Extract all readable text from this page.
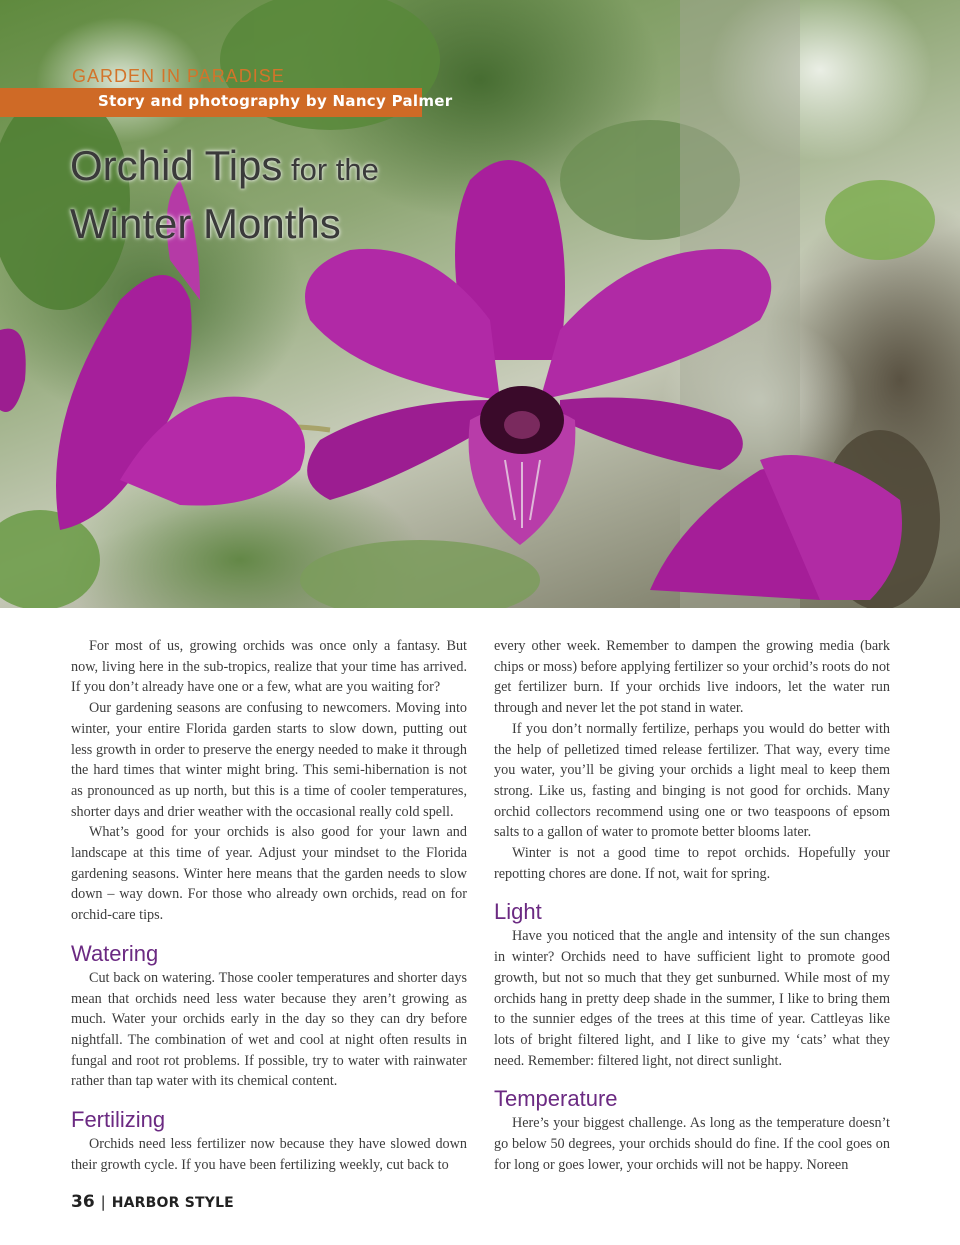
GARDEN IN PARADISE
Story and photography by Nancy Palmer
Orchid Tips for the
Winter Months

For most of us, growing orchids was once only a fantasy. But now, living here in the sub-tropics, realize that your time has arrived. If you don’t already have one or a few, what are you waiting for?

Our gardening seasons are confusing to newcomers. Moving into winter, your entire Florida garden starts to slow down, putting out less growth in order to preserve the energy needed to make it through the hard times that winter might bring. This semi-hibernation is not as pronounced as up north, but this is a time of cooler temperatures, shorter days and drier weather with the occasional really cold spell.

What’s good for your orchids is also good for your lawn and landscape at this time of year. Adjust your mindset to the Florida gardening seasons. Winter here means that the garden needs to slow down – way down. For those who already own orchids, read on for orchid-care tips.

Watering

Cut back on watering. Those cooler temperatures and shorter days mean that orchids need less water because they aren’t growing as much. Water your orchids early in the day so they can dry before nightfall. The combination of wet and cool at night often results in fungal and root rot problems. If possible, try to water with rainwater rather than tap water with its chemical content.

Fertilizing

Orchids need less fertilizer now because they have slowed down their growth cycle. If you have been fertilizing weekly, cut back to

every other week. Remember to dampen the growing media (bark chips or moss) before applying fertilizer so your orchid’s roots do not get fertilizer burn. If your orchids live indoors, let the water run through and never let the pot stand in water.

If you don’t normally fertilize, perhaps you would do better with the help of pelletized timed release fertilizer. That way, every time you water, you’ll be giving your orchids a light meal to keep them strong. Like us, fasting and binging is not good for orchids. Many orchid collectors recommend using one or two teaspoons of epsom salts to a gallon of water to promote better blooms later.

Winter is not a good time to repot orchids. Hopefully your repotting chores are done. If not, wait for spring.

Light

Have you noticed that the angle and intensity of the sun changes in winter? Orchids need to have sufficient light to promote good growth, but not so much that they get sunburned. While most of my orchids hang in pretty deep shade in the summer, I like to bring them to the sunnier edges of the trees at this time of year. Cattleyas like lots of bright filtered light, and I like to give my ‘cats’ what they need. Remember: filtered light, not direct sunlight.

Temperature

Here’s your biggest challenge. As long as the temperature doesn’t go below 50 degrees, your orchids should do fine. If the cool goes on for long or goes lower, your orchids will not be happy. Noreen

36 | HARBOR STYLE
